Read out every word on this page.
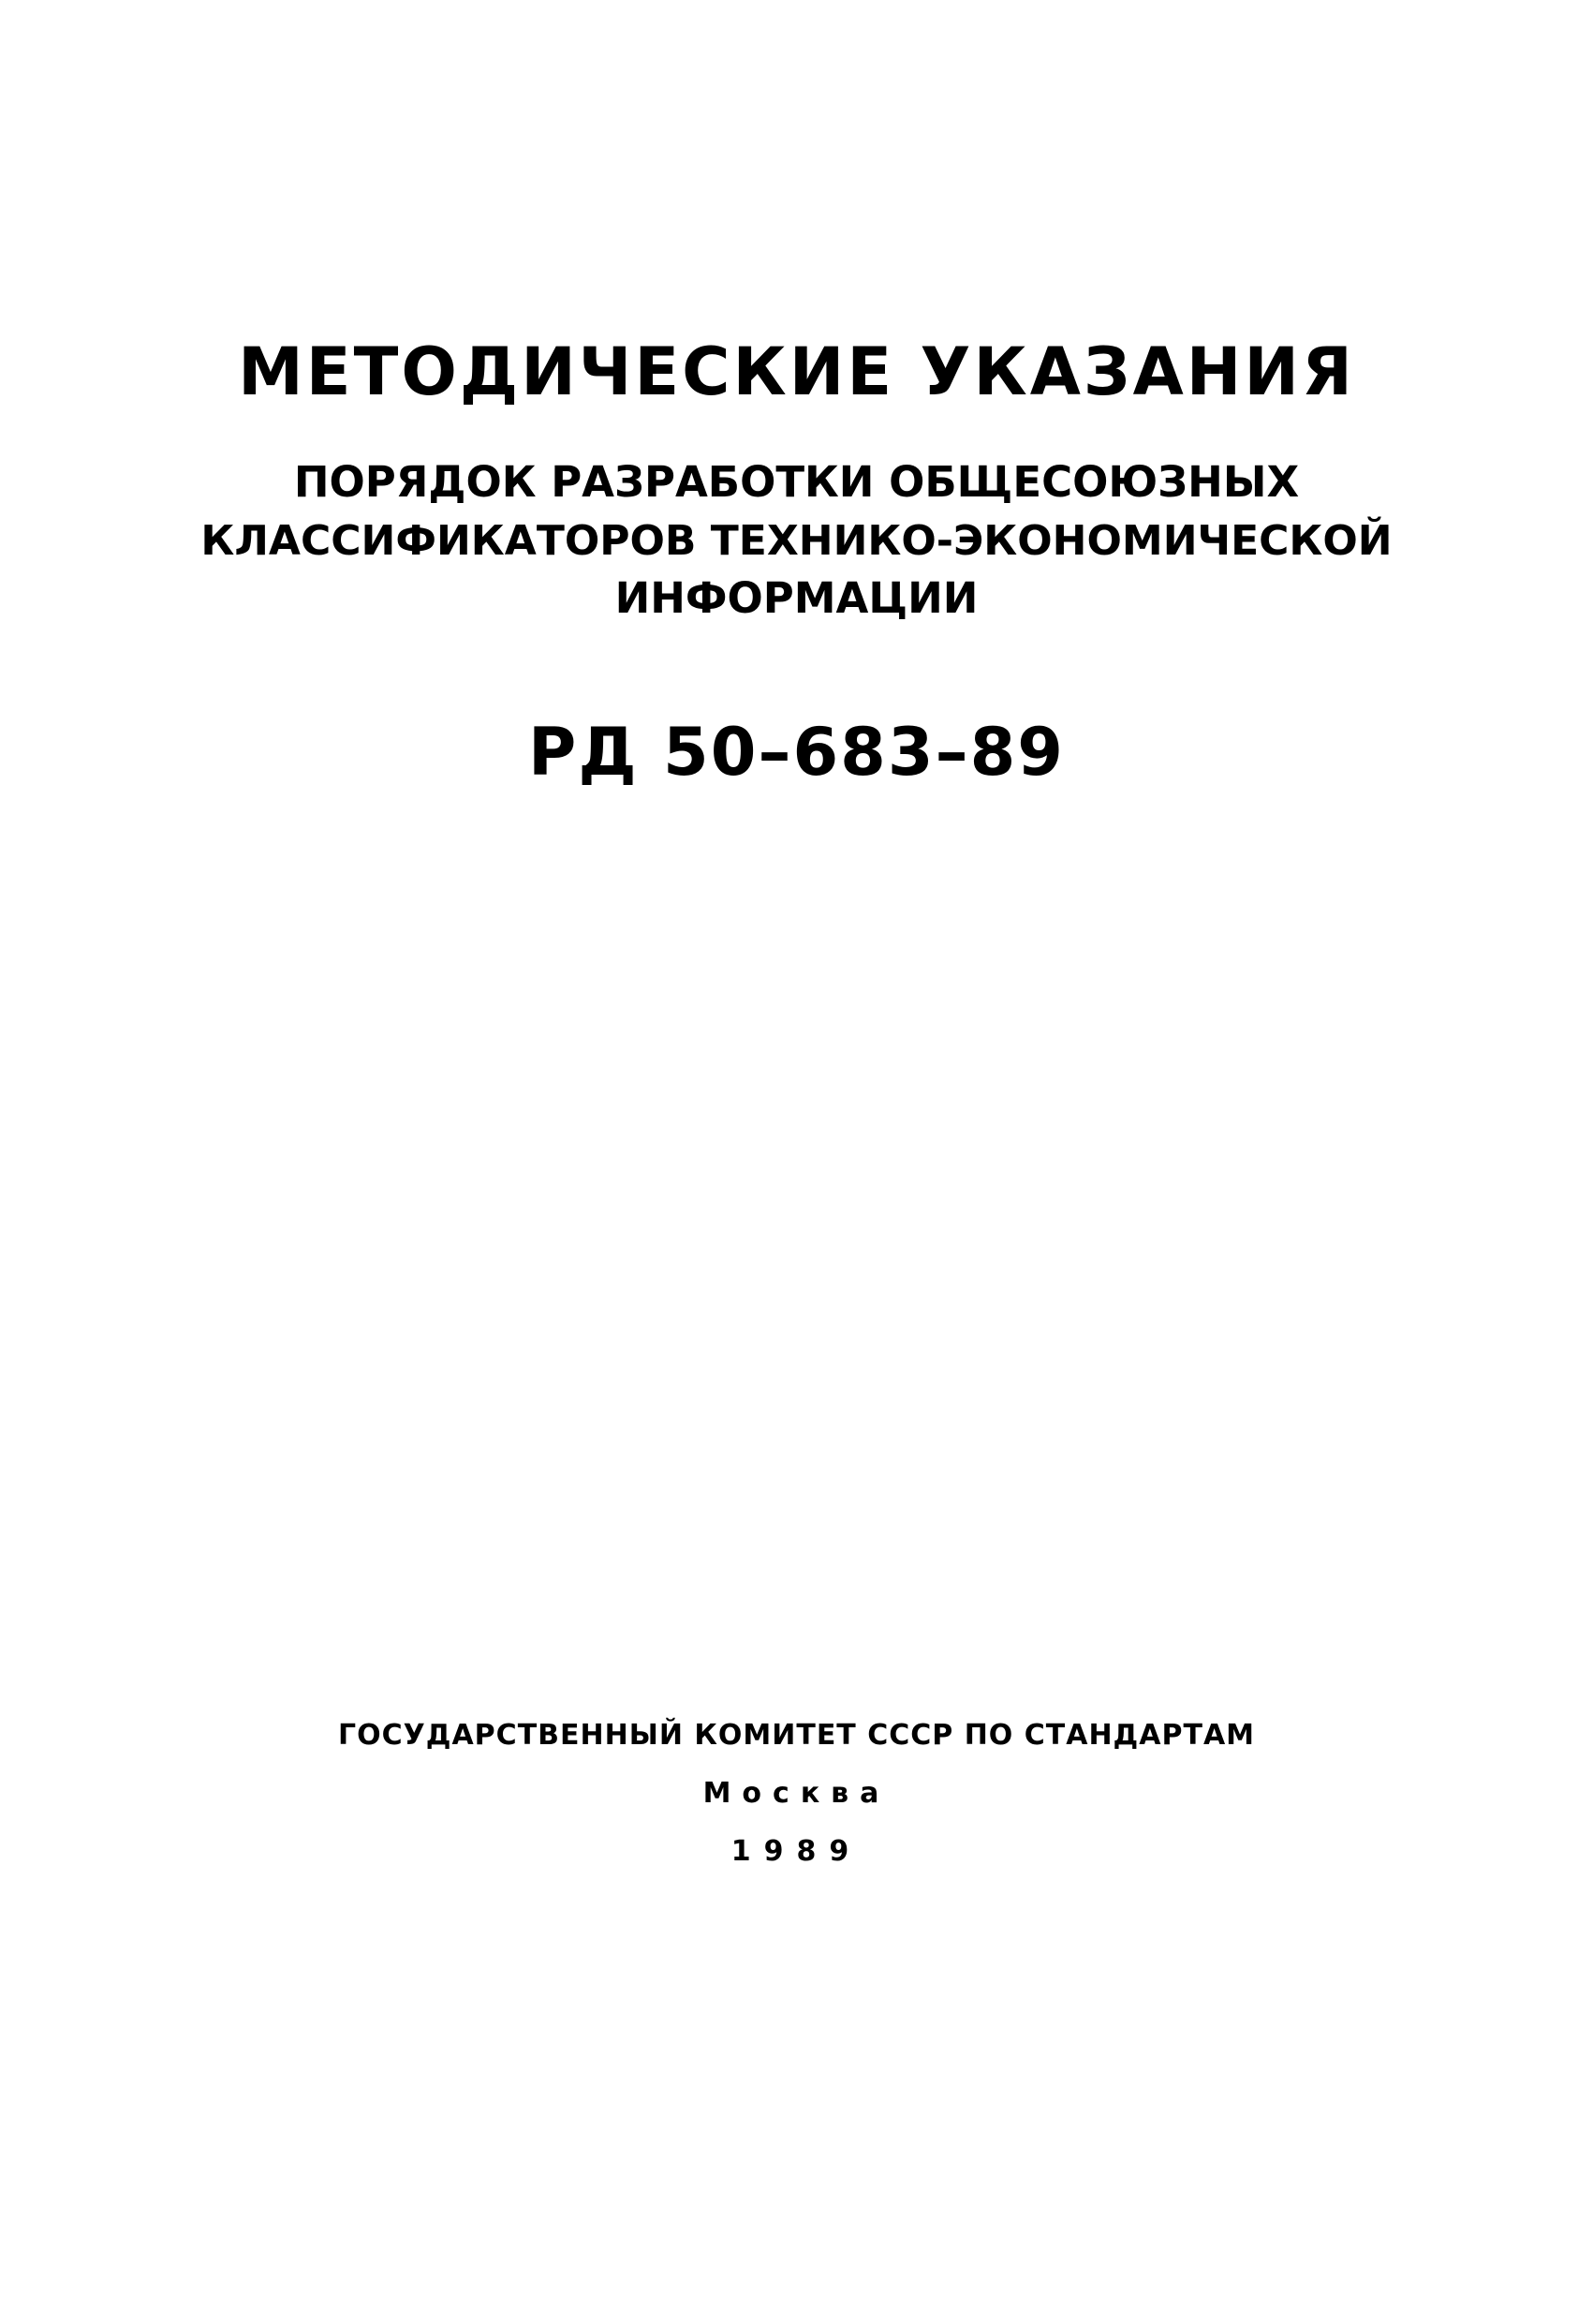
МЕТОДИЧЕСКИЕ УКАЗАНИЯ
ПОРЯДОК РАЗРАБОТКИ ОБЩЕСОЮЗНЫХ
КЛАССИФИКАТОРОВ ТЕХНИКО-ЭКОНОМИЧЕСКОЙ
ИНФОРМАЦИИ
РД 50–683–89
ГОСУДАРСТВЕННЫЙ КОМИТЕТ СССР ПО СТАНДАРТАМ
Москва
1989
